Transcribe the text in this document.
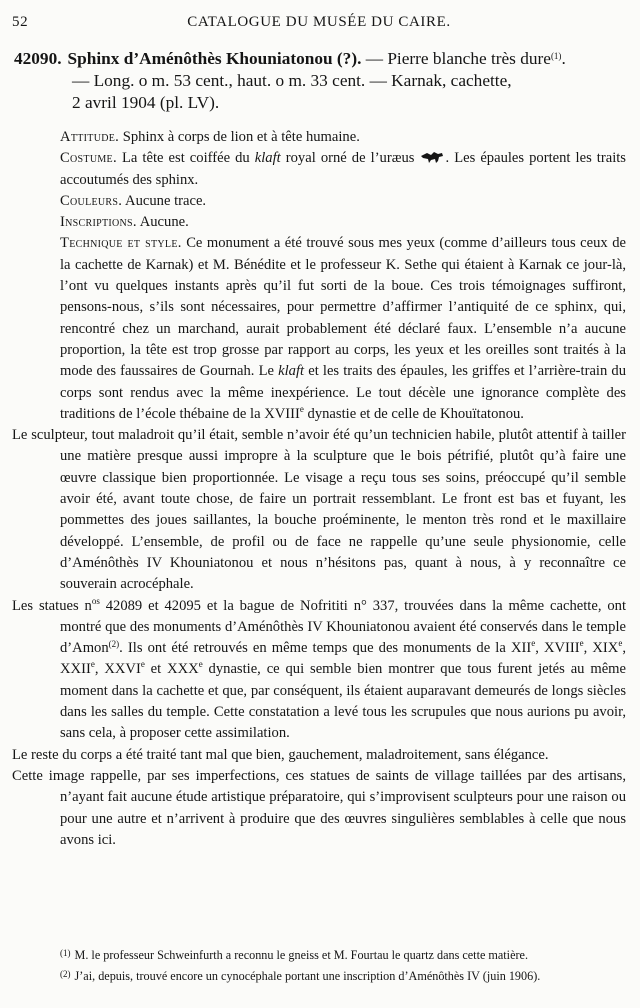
52	CATALOGUE DU MUSÉE DU CAIRE.
42090. Sphinx d’Aménôthès Khouniatonou (?). — Pierre blanche très dure$^{(1)}$.
— Long. o m. 53 cent., haut. o m. 33 cent. — Karnak, cachette,
2 avril 1904 (pl. LV).

Attitude. Sphinx à corps de lion et à tête humaine.

Costume. La tête est coiffée du klaft royal orné de l’uræus . Les épaules portent les traits accoutumés des sphinx.

Couleurs. Aucune trace.

Inscriptions. Aucune.

Technique et style. Ce monument a été trouvé sous mes yeux (comme d’ailleurs tous ceux de la cachette de Karnak) et M. Bénédite et le professeur K. Sethe qui étaient à Karnak ce jour-là, l’ont vu quelques instants après qu’il fut sorti de la boue. Ces trois témoignages suffiront, pensons-nous, s’ils sont nécessaires, pour permettre d’affirmer l’antiquité de ce sphinx, qui, rencontré chez un marchand, aurait probablement été déclaré faux. L’ensemble n’a aucune proportion, la tête est trop grosse par rapport au corps, les yeux et les oreilles sont traités à la mode des faussaires de Gournah. Le klaft et les traits des épaules, les griffes et l’arrière-train du corps sont rendus avec la même inexpérience. Le tout décèle une ignorance complète des traditions de l’école thébaine de la XVIIIe dynastie et de celle de Khouïtatonou.

Le sculpteur, tout maladroit qu’il était, semble n’avoir été qu’un technicien habile, plutôt attentif à tailler une matière presque aussi impropre à la sculpture que le bois pétrifié, plutôt qu’à faire une œuvre classique bien proportionnée. Le visage a reçu tous ses soins, préoccupé qu’il semble avoir été, avant toute chose, de faire un portrait ressemblant. Le front est bas et fuyant, les pommettes des joues saillantes, la bouche proéminente, le menton très rond et le maxillaire développé. L’ensemble, de profil ou de face ne rappelle qu’une seule physionomie, celle d’Aménôthès IV Khouniatonou et nous n’hésitons pas, quant à nous, à y reconnaître ce souverain acrocéphale.

Les statues $n^{os}$ 42089 et 42095 et la bague de Nofrititi n° 337, trouvées dans la même cachette, ont montré que des monuments d’Aménôthès IV Khouniatonou avaient été conservés dans le temple d’Amon$^{(2)}$. Ils ont été retrouvés en même temps que des monuments de la XIIe, XVIIIe, XIXe, XXIIe, XXVIe et XXXe dynastie, ce qui semble bien montrer que tous furent jetés au même moment dans la cachette et que, par conséquent, ils étaient auparavant demeurés de longs siècles dans les salles du temple. Cette constatation a levé tous les scrupules que nous aurions pu avoir, sans cela, à proposer cette assimilation.

Le reste du corps a été traité tant mal que bien, gauchement, maladroitement, sans élégance.

Cette image rappelle, par ses imperfections, ces statues de saints de village taillées par des artisans, n’ayant fait aucune étude artistique préparatoire, qui s’improvisent sculpteurs pour une raison ou pour une autre et n’arrivent à produire que des œuvres singulières semblables à celle que nous avons ici.

$^{(1)}$ M. le professeur Schweinfurth a reconnu le gneiss et M. Fourtau le quartz dans cette matière.

$^{(2)}$ J’ai, depuis, trouvé encore un cynocéphale portant une inscription d’Aménôthès IV (juin 1906).
